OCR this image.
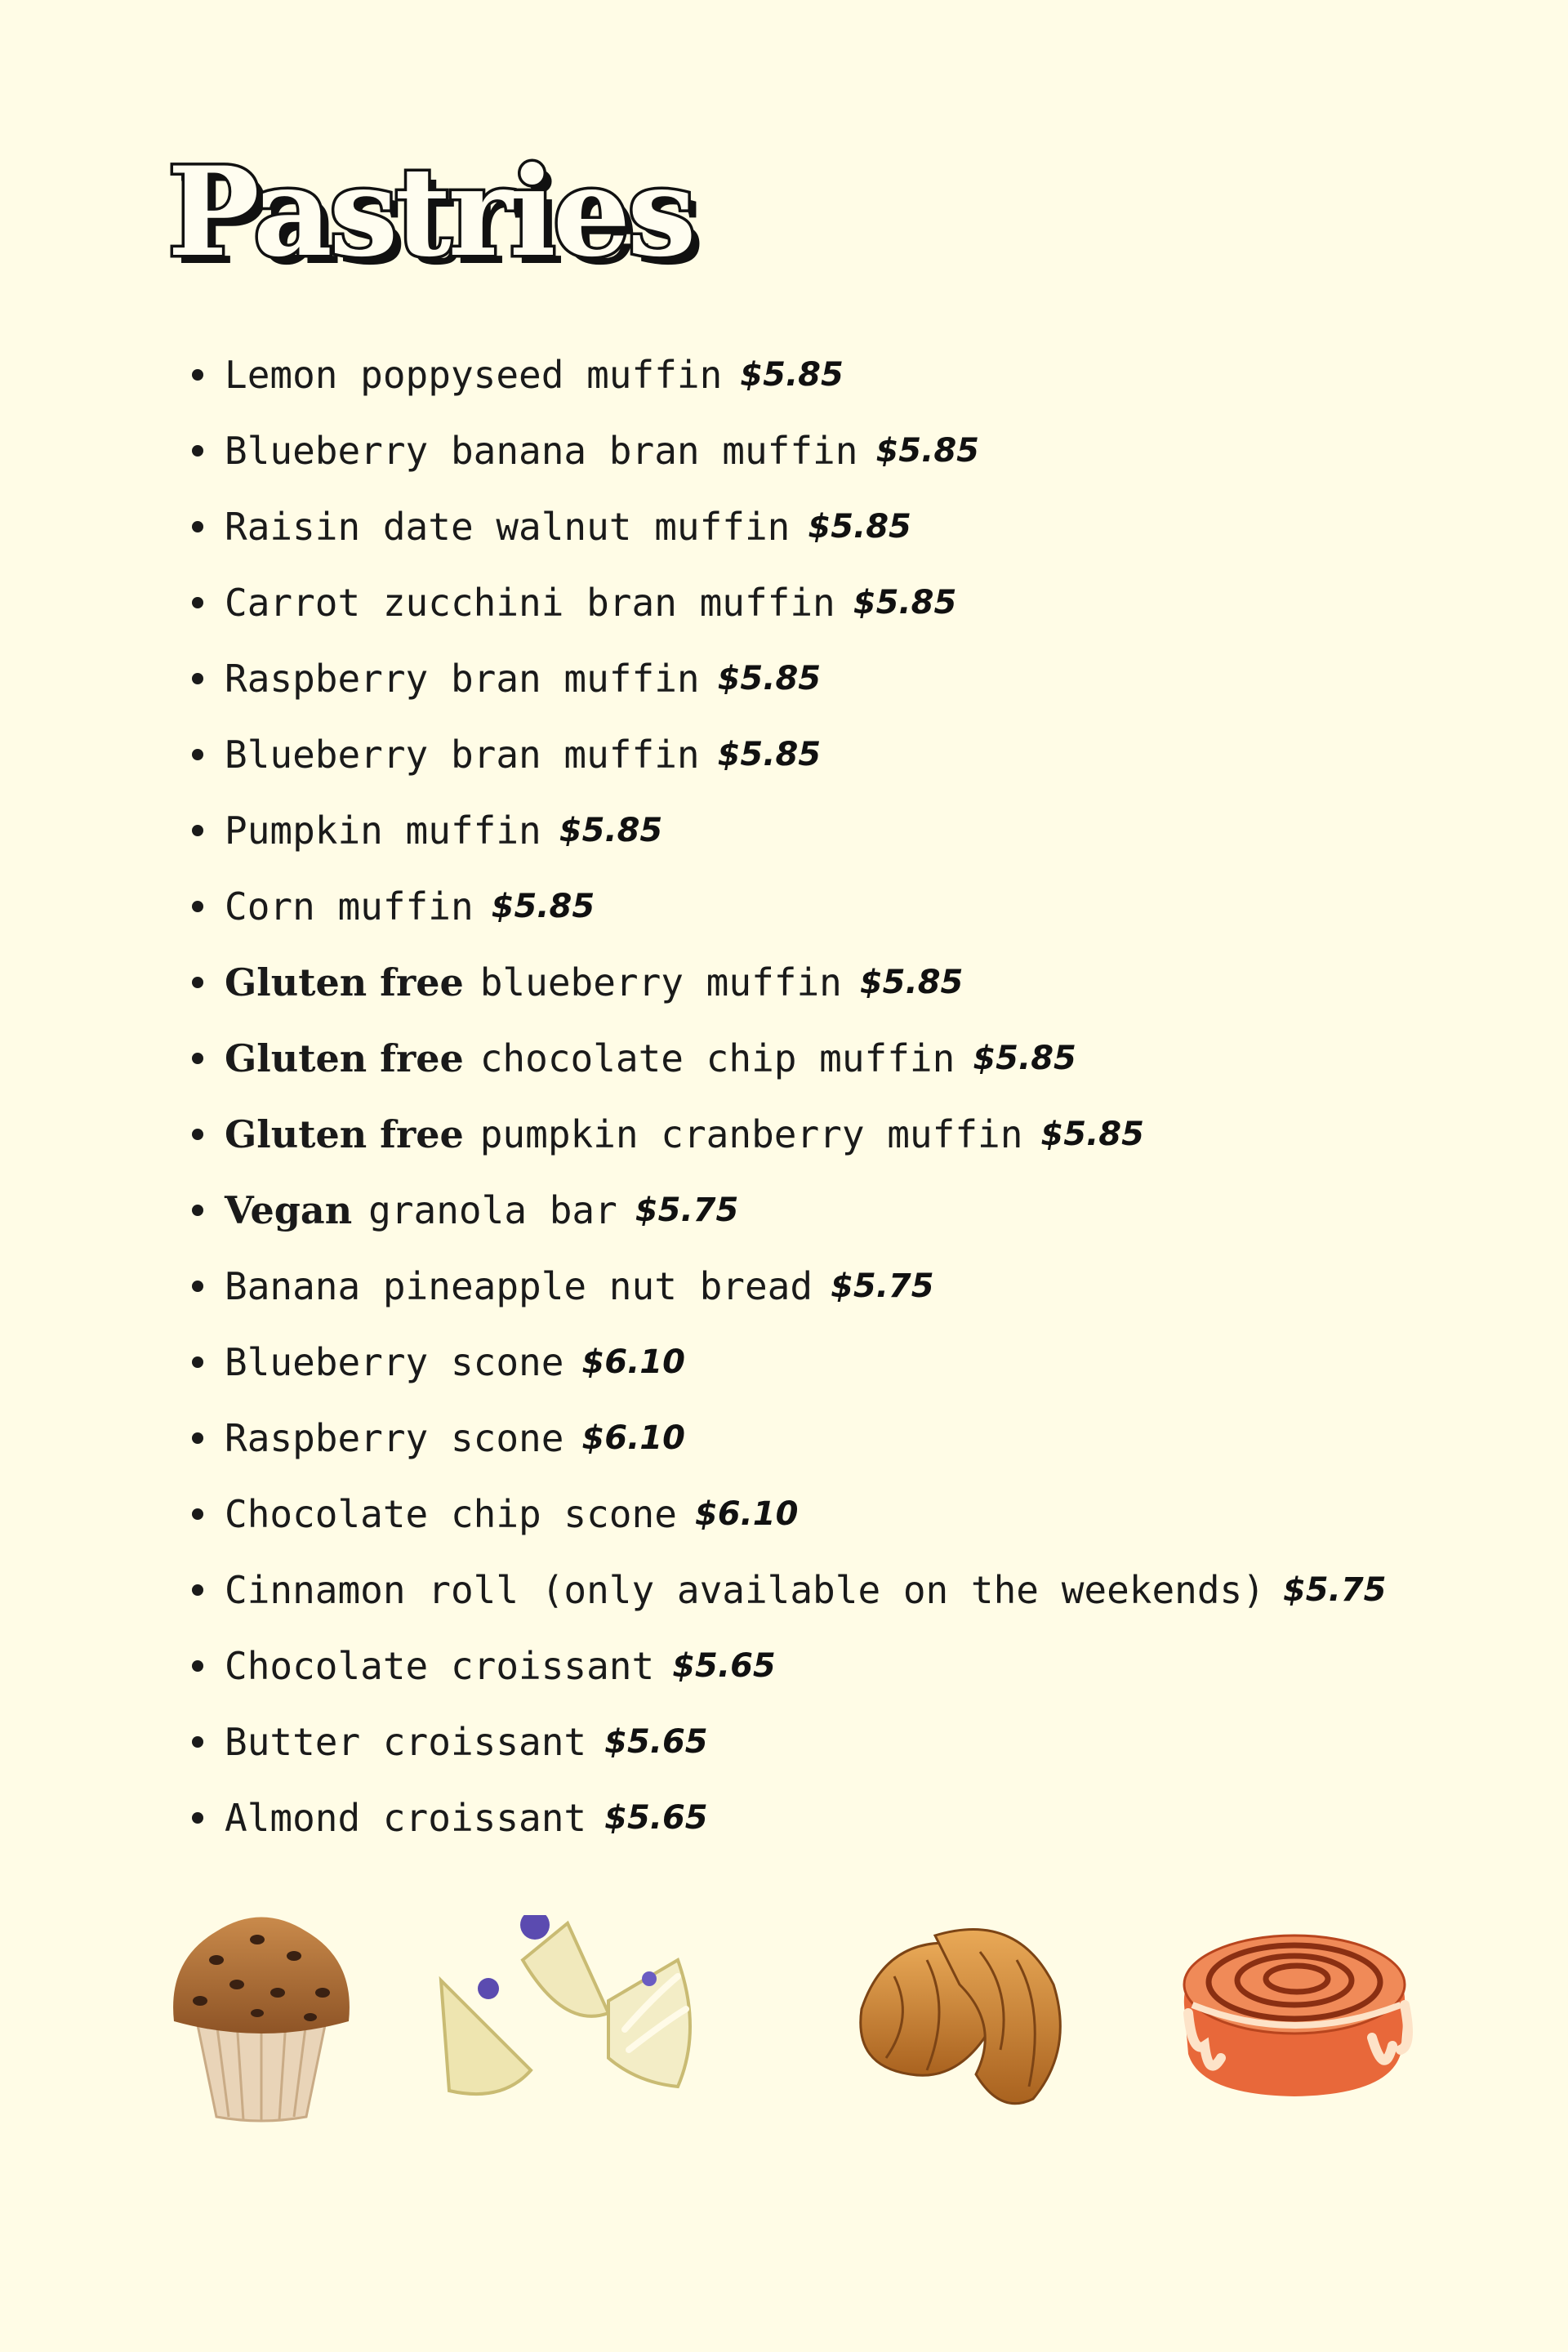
Pastries
Lemon poppyseed muffin $5.85
Blueberry banana bran muffin $5.85
Raisin date walnut muffin $5.85
Carrot zucchini bran muffin $5.85
Raspberry bran muffin $5.85
Blueberry bran muffin $5.85
Pumpkin muffin $5.85
Corn muffin $5.85
Gluten free blueberry muffin $5.85
Gluten free chocolate chip muffin $5.85
Gluten free pumpkin cranberry muffin $5.85
Vegan granola bar $5.75
Banana pineapple nut bread $5.75
Blueberry scone $6.10
Raspberry scone $6.10
Chocolate chip scone $6.10
Cinnamon roll (only available on the weekends) $5.75
Chocolate croissant $5.65
Butter croissant $5.65
Almond croissant $5.65
